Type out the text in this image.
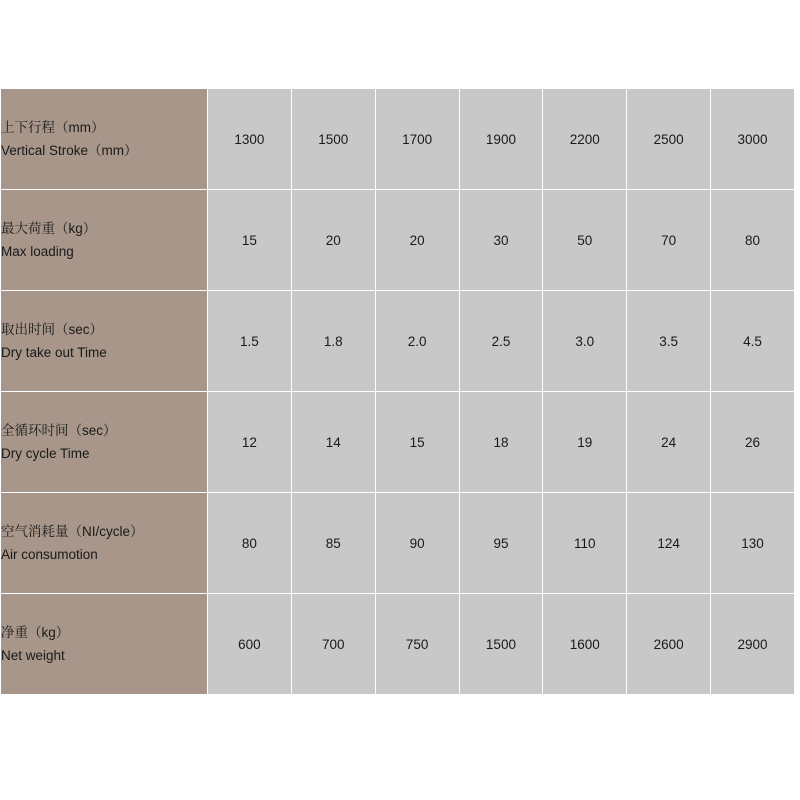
上下行程（mm）
Vertical Stroke（mm）	1300	1500	1700	1900	2200	2500	3000

最大荷重（kg）
Max loading	15	20	20	30	50	70	80

取出时间（sec）
Dry take out Time	1.5	1.8	2.0	2.5	3.0	3.5	4.5

全循环时间（sec）
Dry cycle Time	12	14	15	18	19	24	26

空气消耗量（NI/cycle）
Air consumotion	80	85	90	95	110	124	130

净重（kg）
Net weight	600	700	750	1500	1600	2600	2900
